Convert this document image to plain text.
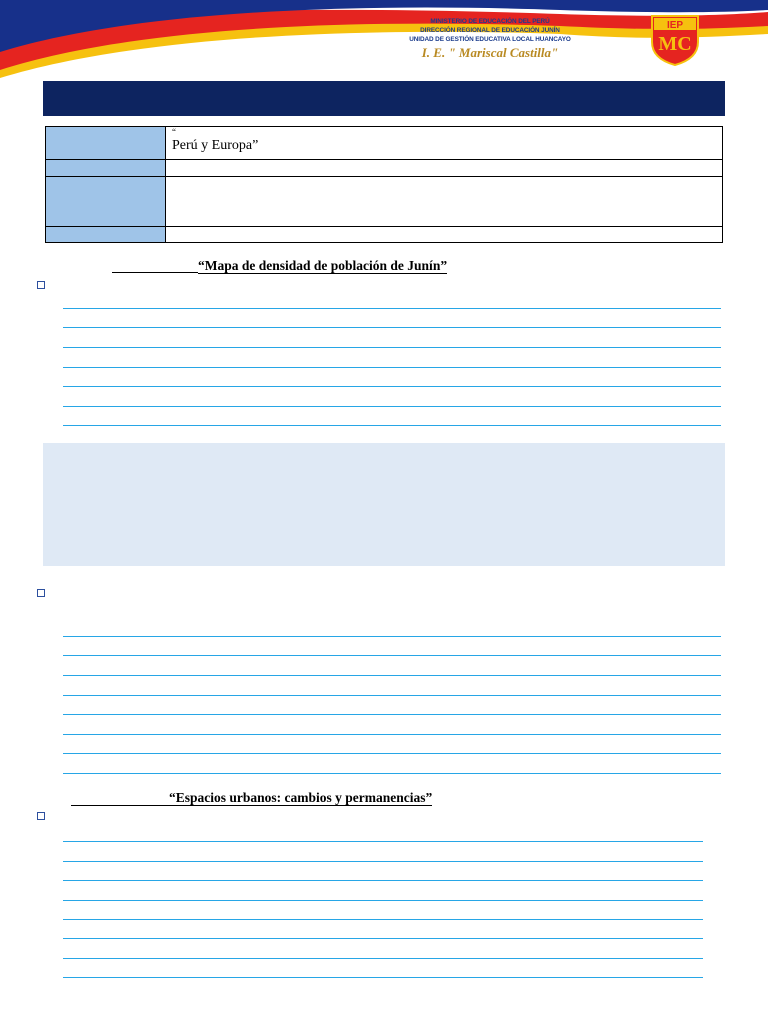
MINISTERIO DE EDUCACIÓN DEL PERÚ
DIRECCIÓN REGIONAL DE EDUCACIÓN JUNÍN
UNIDAD DE GESTIÓN EDUCATIVA LOCAL HUANCAYO
I. E. " Mariscal Castilla"
IEP
MC

	“
Perú y Europa”

“Mapa de densidad de población de Junín”
“Espacios urbanos: cambios y permanencias”
